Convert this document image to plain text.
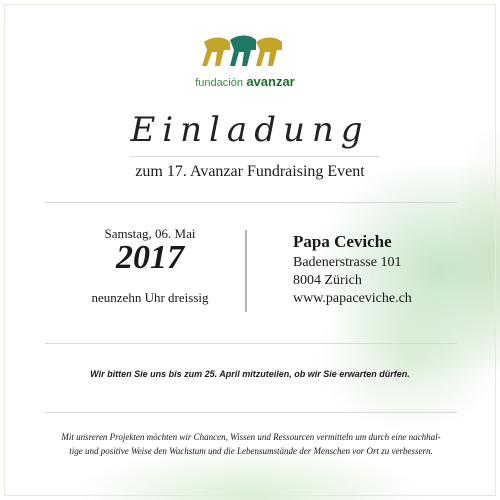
fundación avanzar
Einladung
zum 17. Avanzar Fundraising Event
Samstag, 06. Mai
2017
neunzehn Uhr dreissig
Papa Ceviche
Badenerstrasse 101
8004 Zürich
www.papaceviche.ch
Wir bitten Sie uns bis zum 25. April mitzuteilen, ob wir Sie erwarten dürfen.
Mit unsreren Projekten möchten wir Chancen, Wissen und Ressourcen vermitteln um durch eine nachhal-
tige und positive Weise den Wachstum und die Lebensumstände der Menschen vor Ort zu verbessern.
